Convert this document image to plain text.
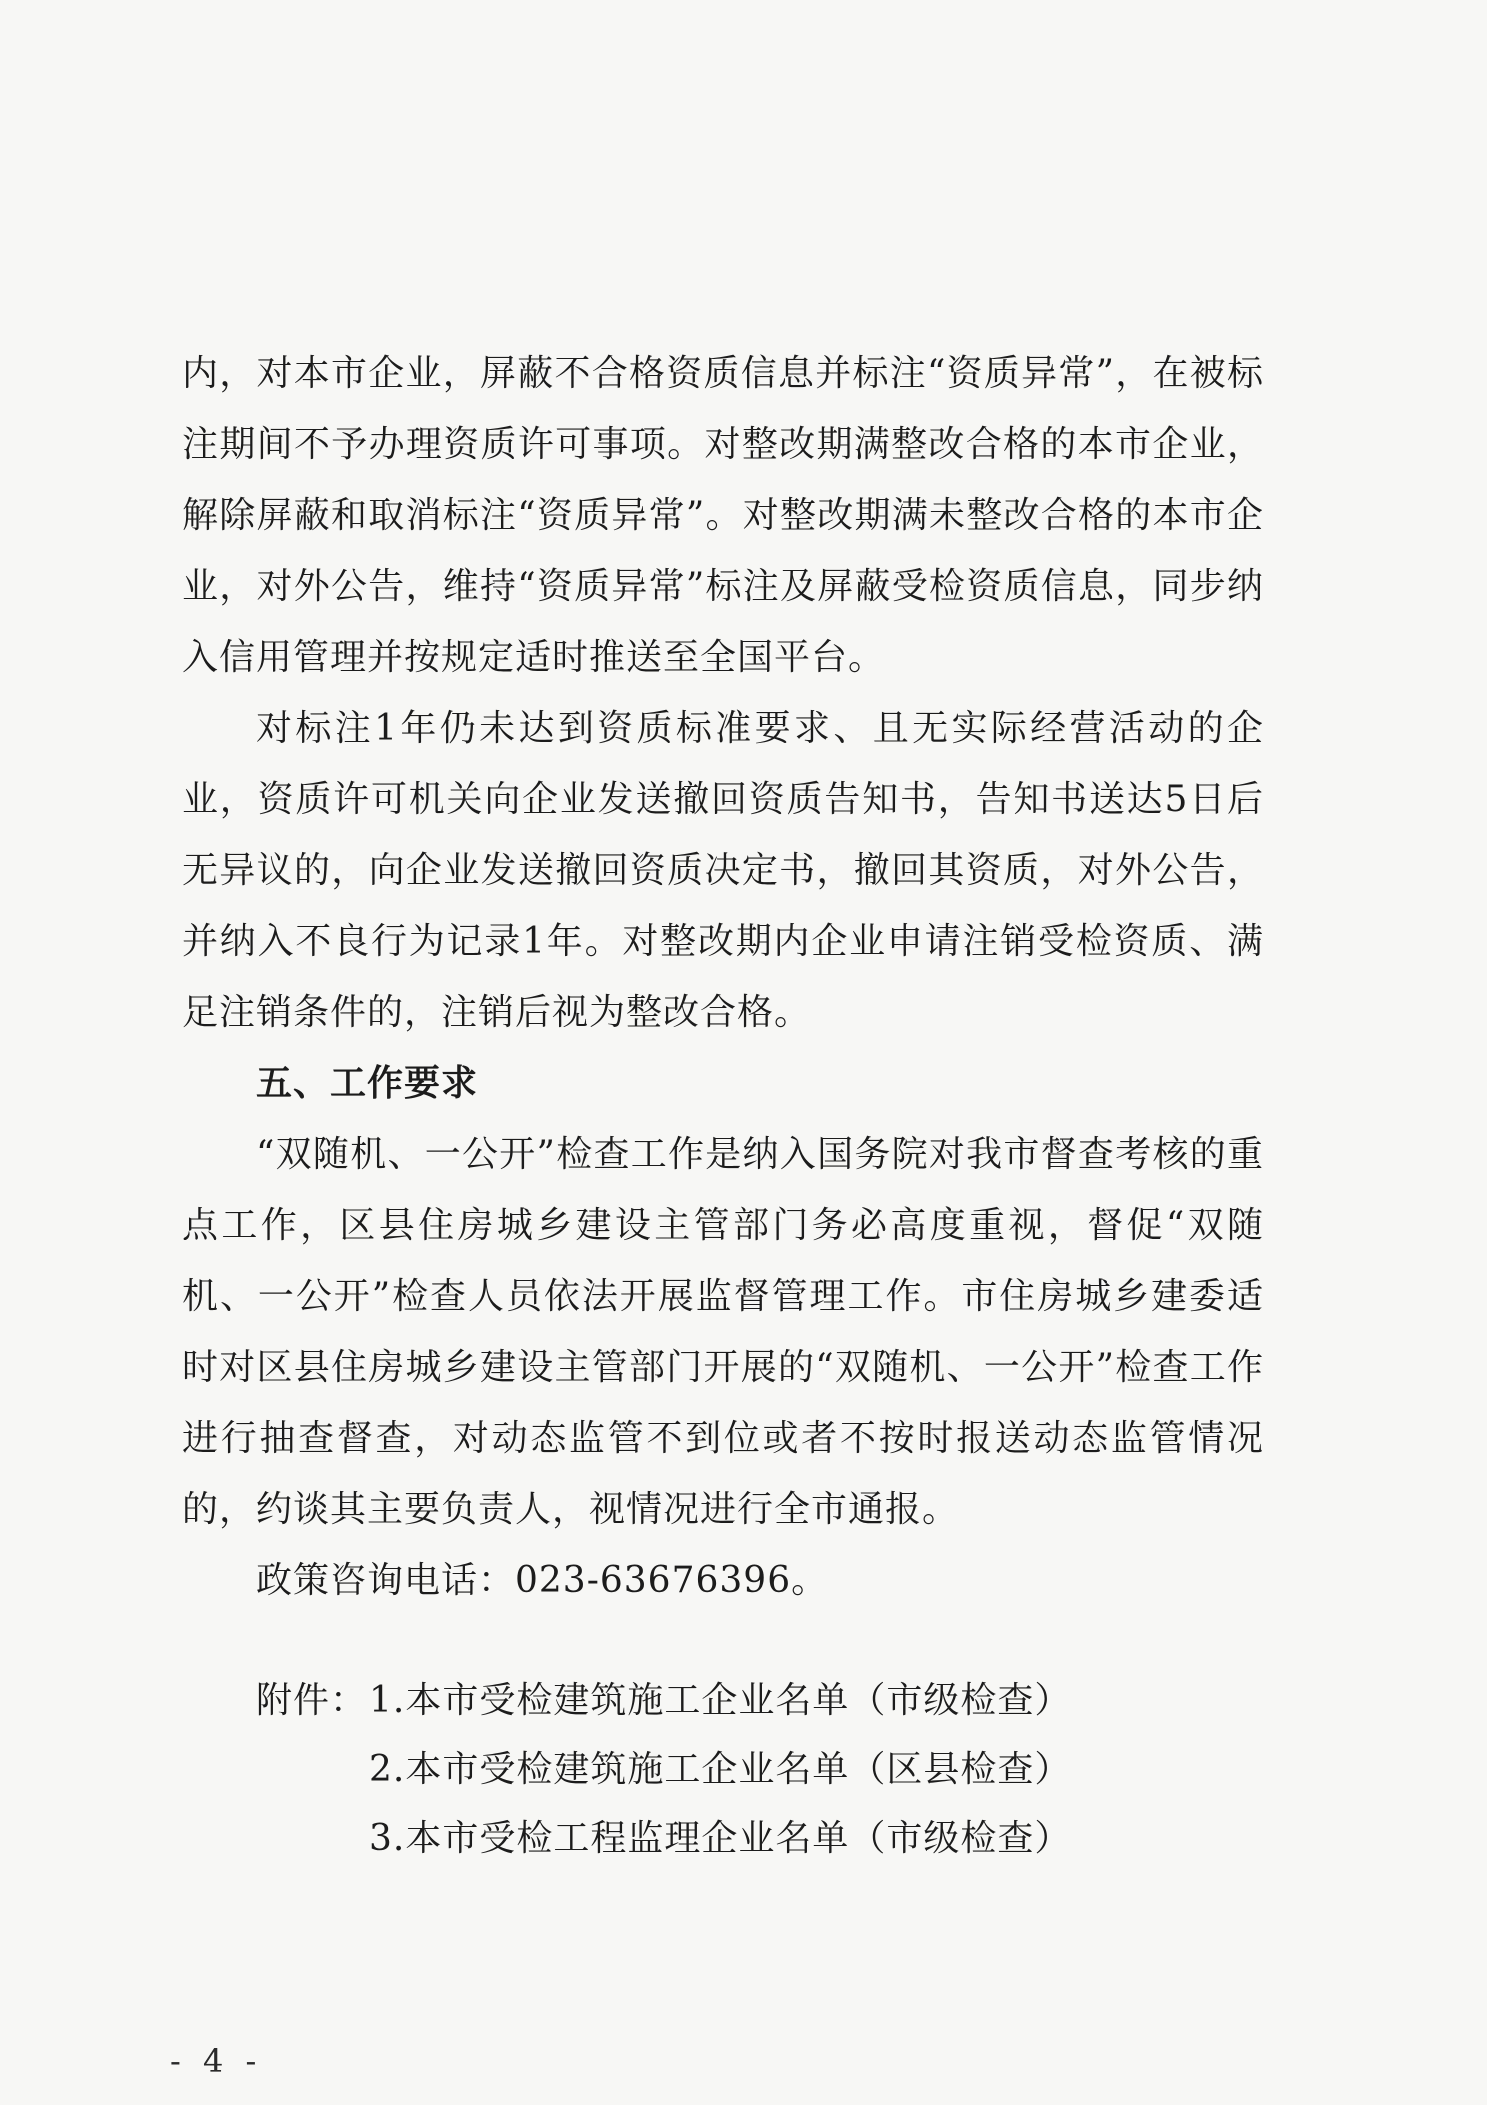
内，对本市企业，屏蔽不合格资质信息并标注“资质异常”，在被标注期间不予办理资质许可事项。对整改期满整改合格的本市企业，解除屏蔽和取消标注“资质异常”。对整改期满未整改合格的本市企业，对外公告，维持“资质异常”标注及屏蔽受检资质信息，同步纳入信用管理并按规定适时推送至全国平台。

对标注1年仍未达到资质标准要求、且无实际经营活动的企业，资质许可机关向企业发送撤回资质告知书，告知书送达5日后无异议的，向企业发送撤回资质决定书，撤回其资质，对外公告，并纳入不良行为记录1年。对整改期内企业申请注销受检资质、满足注销条件的，注销后视为整改合格。

五、工作要求

“双随机、一公开”检查工作是纳入国务院对我市督查考核的重点工作，区县住房城乡建设主管部门务必高度重视，督促“双随机、一公开”检查人员依法开展监督管理工作。市住房城乡建委适时对区县住房城乡建设主管部门开展的“双随机、一公开”检查工作进行抽查督查，对动态监管不到位或者不按时报送动态监管情况的，约谈其主要负责人，视情况进行全市通报。

政策咨询电话：023-63676396。

附件： 1.本市受检建筑施工企业名单（市级检查）
2.本市受检建筑施工企业名单（区县检查）
3.本市受检工程监理企业名单（市级检查）
- 4 -
